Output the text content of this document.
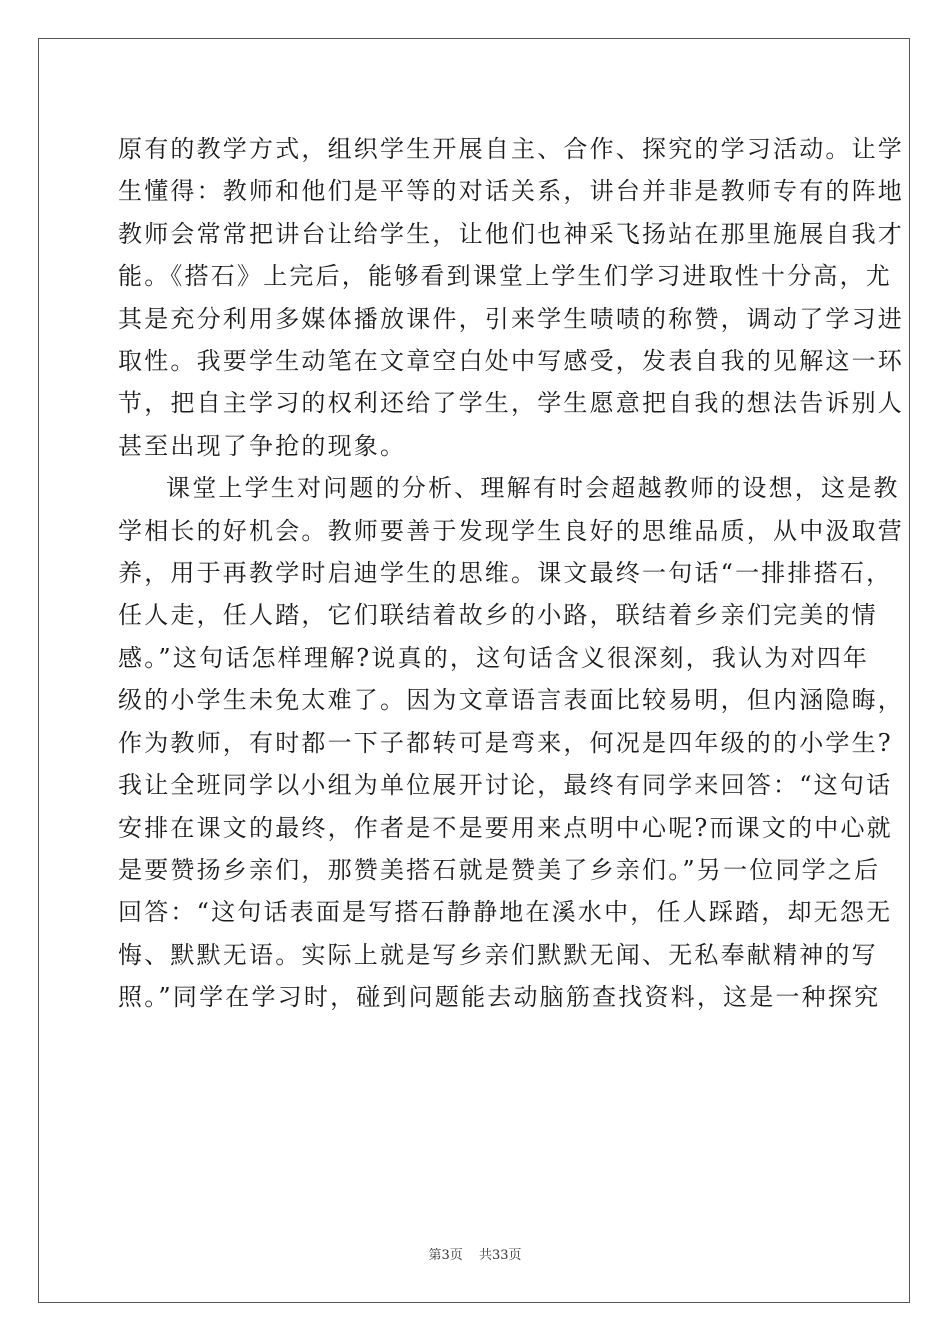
原有的教学方式，组织学生开展自主、合作、探究的学习活动。让学
生懂得：教师和他们是平等的对话关系，讲台并非是教师专有的阵地
教师会常常把讲台让给学生，让他们也神采飞扬站在那里施展自我才
能。《搭石》上完后，能够看到课堂上学生们学习进取性十分高，尤
其是充分利用多媒体播放课件，引来学生啧啧的称赞，调动了学习进
取性。我要学生动笔在文章空白处中写感受，发表自我的见解这一环
节，把自主学习的权利还给了学生，学生愿意把自我的想法告诉别人
甚至出现了争抢的现象。

课堂上学生对问题的分析、理解有时会超越教师的设想，这是教
学相长的好机会。教师要善于发现学生良好的思维品质，从中汲取营
养，用于再教学时启迪学生的思维。课文最终一句话“一排排搭石，
任人走，任人踏，它们联结着故乡的小路，联结着乡亲们完美的情
感。”这句话怎样理解?说真的，这句话含义很深刻，我认为对四年
级的小学生未免太难了。因为文章语言表面比较易明，但内涵隐晦，
作为教师，有时都一下子都转可是弯来，何况是四年级的的小学生?
我让全班同学以小组为单位展开讨论，最终有同学来回答：“这句话
安排在课文的最终，作者是不是要用来点明中心呢?而课文的中心就
是要赞扬乡亲们，那赞美搭石就是赞美了乡亲们。”另一位同学之后
回答：“这句话表面是写搭石静静地在溪水中，任人踩踏，却无怨无
悔、默默无语。实际上就是写乡亲们默默无闻、无私奉献精神的写
照。”同学在学习时，碰到问题能去动脑筋查找资料，这是一种探究

第3页 共33页
